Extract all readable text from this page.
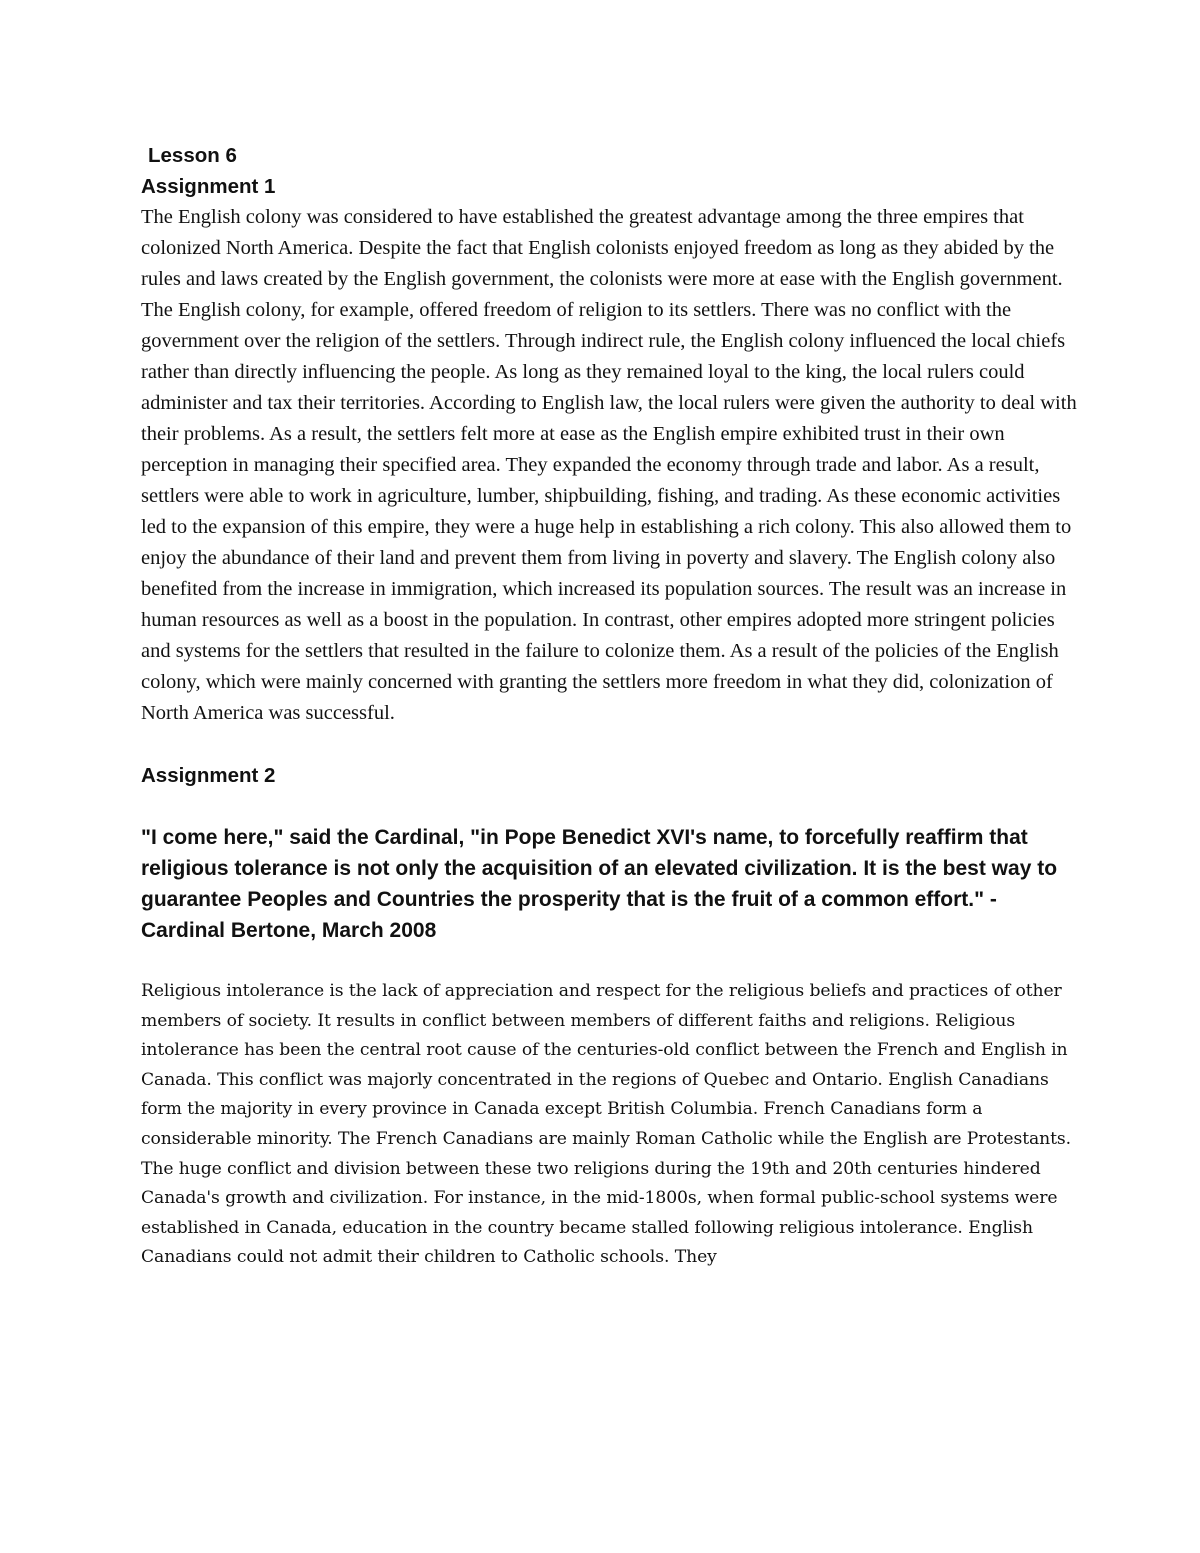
Lesson 6
Assignment 1

The English colony was considered to have established the greatest advantage among the three empires that colonized North America. Despite the fact that English colonists enjoyed freedom as long as they abided by the rules and laws created by the English government, the colonists were more at ease with the English government. The English colony, for example, offered freedom of religion to its settlers. There was no conflict with the government over the religion of the settlers. Through indirect rule, the English colony influenced the local chiefs rather than directly influencing the people. As long as they remained loyal to the king, the local rulers could administer and tax their territories. According to English law, the local rulers were given the authority to deal with their problems. As a result, the settlers felt more at ease as the English empire exhibited trust in their own perception in managing their specified area. They expanded the economy through trade and labor. As a result, settlers were able to work in agriculture, lumber, shipbuilding, fishing, and trading. As these economic activities led to the expansion of this empire, they were a huge help in establishing a rich colony. This also allowed them to enjoy the abundance of their land and prevent them from living in poverty and slavery. The English colony also benefited from the increase in immigration, which increased its population sources. The result was an increase in human resources as well as a boost in the population. In contrast, other empires adopted more stringent policies and systems for the settlers that resulted in the failure to colonize them. As a result of the policies of the English colony, which were mainly concerned with granting the settlers more freedom in what they did, colonization of North America was successful.

Assignment 2

"I come here," said the Cardinal, "in Pope Benedict XVI's name, to forcefully reaffirm that religious tolerance is not only the acquisition of an elevated civilization. It is the best way to guarantee Peoples and Countries the prosperity that is the fruit of a common effort." - Cardinal Bertone, March 2008

Religious intolerance is the lack of appreciation and respect for the religious beliefs and practices of other members of society. It results in conflict between members of different faiths and religions. Religious intolerance has been the central root cause of the centuries-old conflict between the French and English in Canada. This conflict was majorly concentrated in the regions of Quebec and Ontario. English Canadians form the majority in every province in Canada except British Columbia. French Canadians form a considerable minority. The French Canadians are mainly Roman Catholic while the English are Protestants.

The huge conflict and division between these two religions during the 19th and 20th centuries hindered Canada's growth and civilization. For instance, in the mid-1800s, when formal public-school systems were established in Canada, education in the country became stalled following religious intolerance. English Canadians could not admit their children to Catholic schools. They
